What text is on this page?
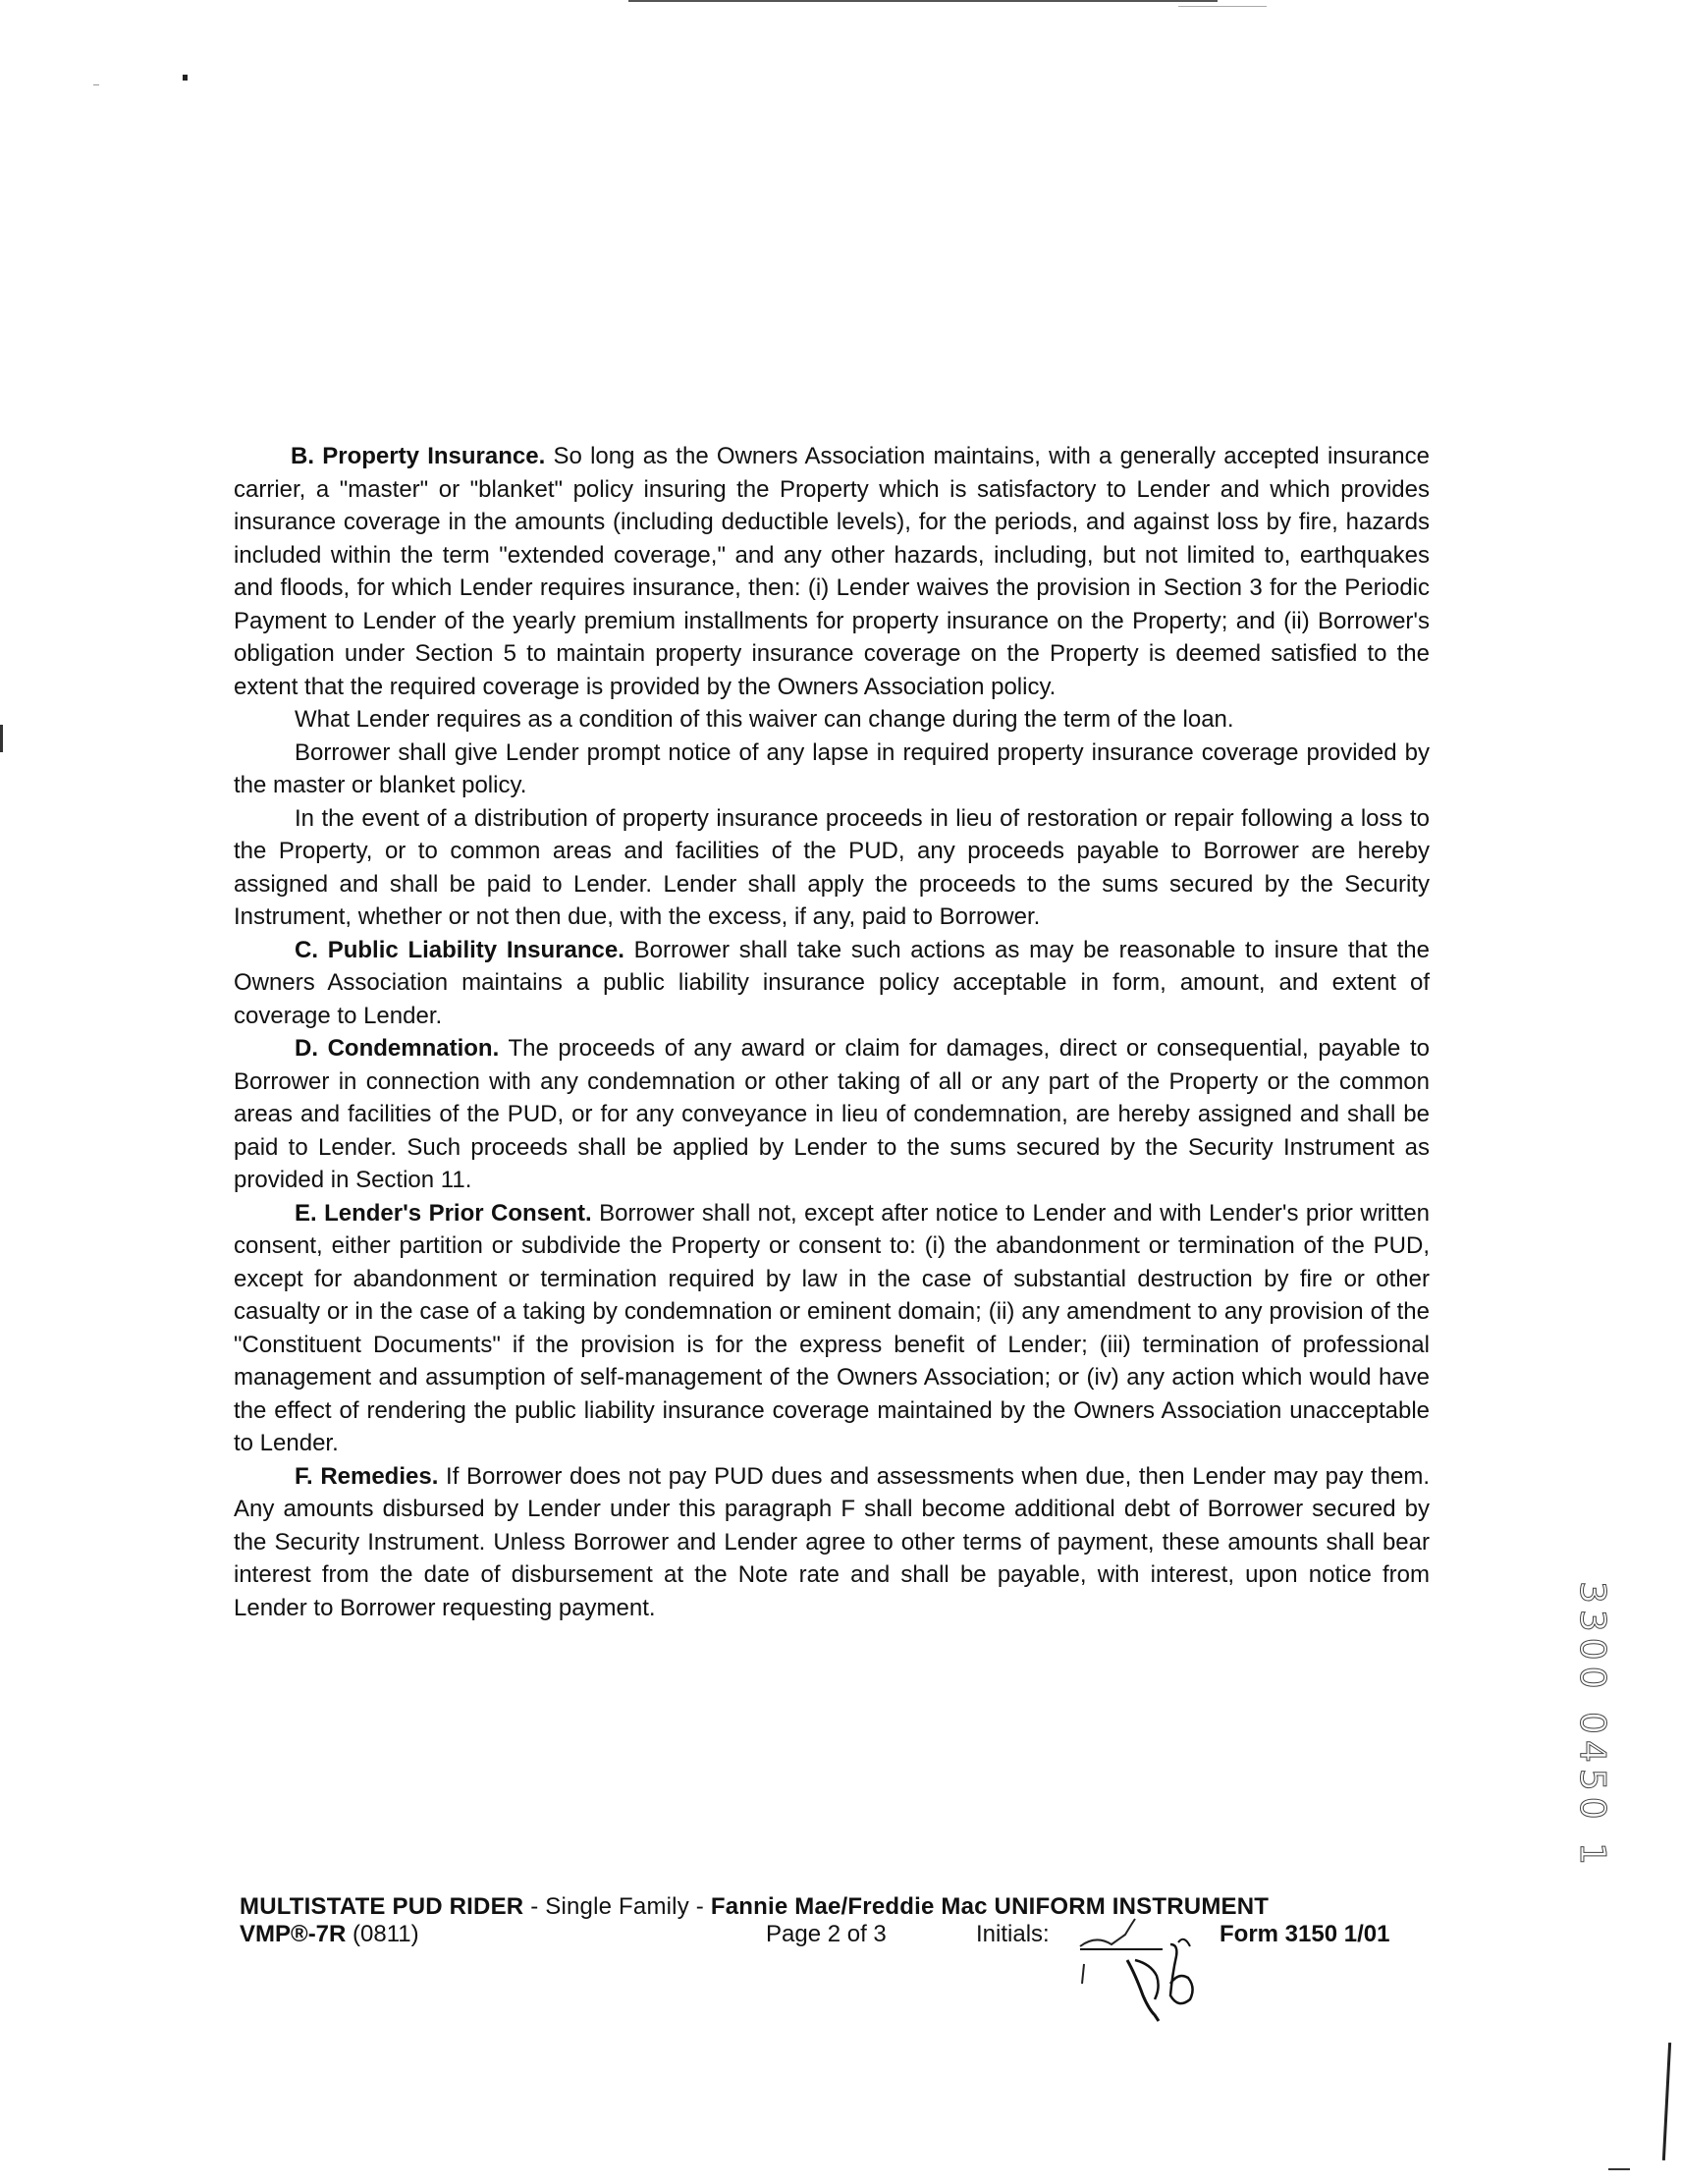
B. Property Insurance. So long as the Owners Association maintains, with a generally accepted insurance carrier, a "master" or "blanket" policy insuring the Property which is satisfactory to Lender and which provides insurance coverage in the amounts (including deductible levels), for the periods, and against loss by fire, hazards included within the term "extended coverage," and any other hazards, including, but not limited to, earthquakes and floods, for which Lender requires insurance, then: (i) Lender waives the provision in Section 3 for the Periodic Payment to Lender of the yearly premium installments for property insurance on the Property; and (ii) Borrower's obligation under Section 5 to maintain property insurance coverage on the Property is deemed satisfied to the extent that the required coverage is provided by the Owners Association policy.

What Lender requires as a condition of this waiver can change during the term of the loan.

Borrower shall give Lender prompt notice of any lapse in required property insurance coverage provided by the master or blanket policy.

In the event of a distribution of property insurance proceeds in lieu of restoration or repair following a loss to the Property, or to common areas and facilities of the PUD, any proceeds payable to Borrower are hereby assigned and shall be paid to Lender. Lender shall apply the proceeds to the sums secured by the Security Instrument, whether or not then due, with the excess, if any, paid to Borrower.

C. Public Liability Insurance. Borrower shall take such actions as may be reasonable to insure that the Owners Association maintains a public liability insurance policy acceptable in form, amount, and extent of coverage to Lender.

D. Condemnation. The proceeds of any award or claim for damages, direct or consequential, payable to Borrower in connection with any condemnation or other taking of all or any part of the Property or the common areas and facilities of the PUD, or for any conveyance in lieu of condemnation, are hereby assigned and shall be paid to Lender. Such proceeds shall be applied by Lender to the sums secured by the Security Instrument as provided in Section 11.

E. Lender's Prior Consent. Borrower shall not, except after notice to Lender and with Lender's prior written consent, either partition or subdivide the Property or consent to: (i) the abandonment or termination of the PUD, except for abandonment or termination required by law in the case of substantial destruction by fire or other casualty or in the case of a taking by condemnation or eminent domain; (ii) any amendment to any provision of the "Constituent Documents" if the provision is for the express benefit of Lender; (iii) termination of professional management and assumption of self-management of the Owners Association; or (iv) any action which would have the effect of rendering the public liability insurance coverage maintained by the Owners Association unacceptable to Lender.

F. Remedies. If Borrower does not pay PUD dues and assessments when due, then Lender may pay them. Any amounts disbursed by Lender under this paragraph F shall become additional debt of Borrower secured by the Security Instrument. Unless Borrower and Lender agree to other terms of payment, these amounts shall bear interest from the date of disbursement at the Note rate and shall be payable, with interest, upon notice from Lender to Borrower requesting payment.	3300 0450 1
MULTISTATE PUD RIDER - Single Family - Fannie Mae/Freddie Mac UNIFORM INSTRUMENT
VMP®-7R (0811)	Page 2 of 3	Initials:	Form 3150 1/01
